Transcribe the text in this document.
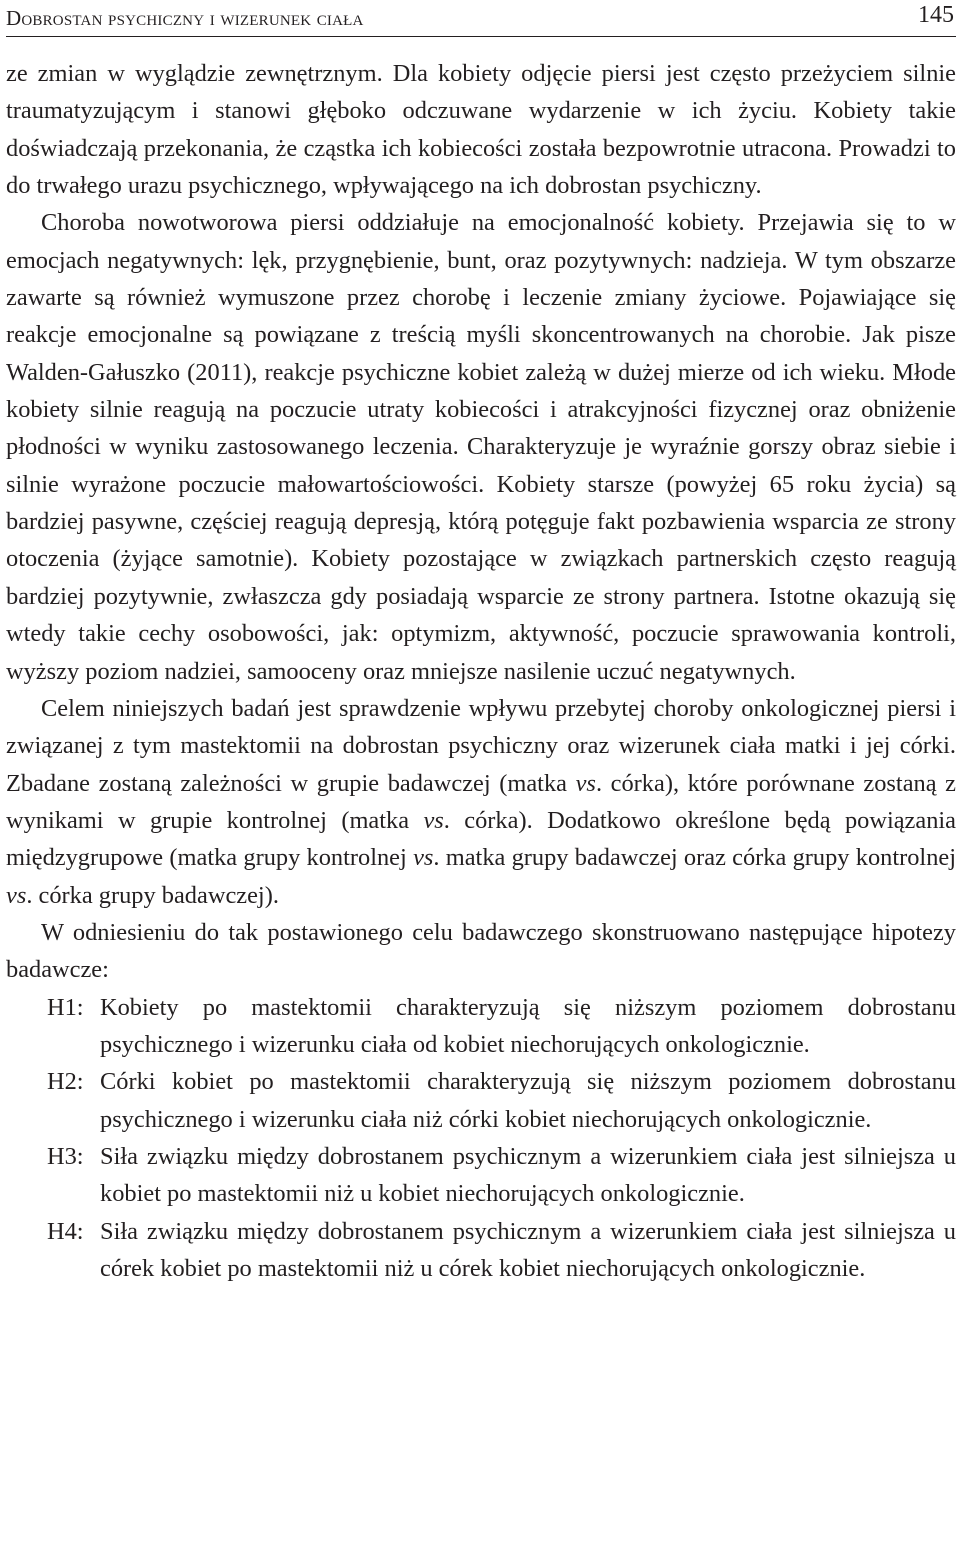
Dobrostan psychiczny i wizerunek ciała	145

ze zmian w wyglądzie zewnętrznym. Dla kobiety odjęcie piersi jest często przeżyciem silnie traumatyzującym i stanowi głęboko odczuwane wydarzenie w ich życiu. Kobiety takie doświadczają przekonania, że cząstka ich kobiecości została bezpowrotnie utracona. Prowadzi to do trwałego urazu psychicznego, wpływającego na ich dobrostan psychiczny.

Choroba nowotworowa piersi oddziałuje na emocjonalność kobiety. Przejawia się to w emocjach negatywnych: lęk, przygnębienie, bunt, oraz pozytywnych: nadzieja. W tym obszarze zawarte są również wymuszone przez chorobę i leczenie zmiany życiowe. Pojawiające się reakcje emocjonalne są powiązane z treścią myśli skoncentrowanych na chorobie. Jak pisze Walden-Gałuszko (2011), reakcje psychiczne kobiet zależą w dużej mierze od ich wieku. Młode kobiety silnie reagują na poczucie utraty kobiecości i atrakcyjności fizycznej oraz obniżenie płodności w wyniku zastosowanego leczenia. Charakteryzuje je wyraźnie gorszy obraz siebie i silnie wyrażone poczucie małowartościowości. Kobiety starsze (powyżej 65 roku życia) są bardziej pasywne, częściej reagują depresją, którą potęguje fakt pozbawienia wsparcia ze strony otoczenia (żyjące samotnie). Kobiety pozostające w związkach partnerskich często reagują bardziej pozytywnie, zwłaszcza gdy posiadają wsparcie ze strony partnera. Istotne okazują się wtedy takie cechy osobowości, jak: optymizm, aktywność, poczucie sprawowania kontroli, wyższy poziom nadziei, samooceny oraz mniejsze nasilenie uczuć negatywnych.

Celem niniejszych badań jest sprawdzenie wpływu przebytej choroby onkologicznej piersi i związanej z tym mastektomii na dobrostan psychiczny oraz wizerunek ciała matki i jej córki. Zbadane zostaną zależności w grupie badawczej (matka vs. córka), które porównane zostaną z wynikami w grupie kontrolnej (matka vs. córka). Dodatkowo określone będą powiązania międzygrupowe (matka grupy kontrolnej vs. matka grupy badawczej oraz córka grupy kontrolnej vs. córka grupy badawczej).

W odniesieniu do tak postawionego celu badawczego skonstruowano następujące hipotezy badawcze:

H1: Kobiety po mastektomii charakteryzują się niższym poziomem dobrostanu psychicznego i wizerunku ciała od kobiet niechorujących onkologicznie.
H2: Córki kobiet po mastektomii charakteryzują się niższym poziomem dobrostanu psychicznego i wizerunku ciała niż córki kobiet niechorujących onkologicznie.
H3: Siła związku między dobrostanem psychicznym a wizerunkiem ciała jest silniejsza u kobiet po mastektomii niż u kobiet niechorujących onkologicznie.
H4: Siła związku między dobrostanem psychicznym a wizerunkiem ciała jest silniejsza u córek kobiet po mastektomii niż u córek kobiet niechorujących onkologicznie.
